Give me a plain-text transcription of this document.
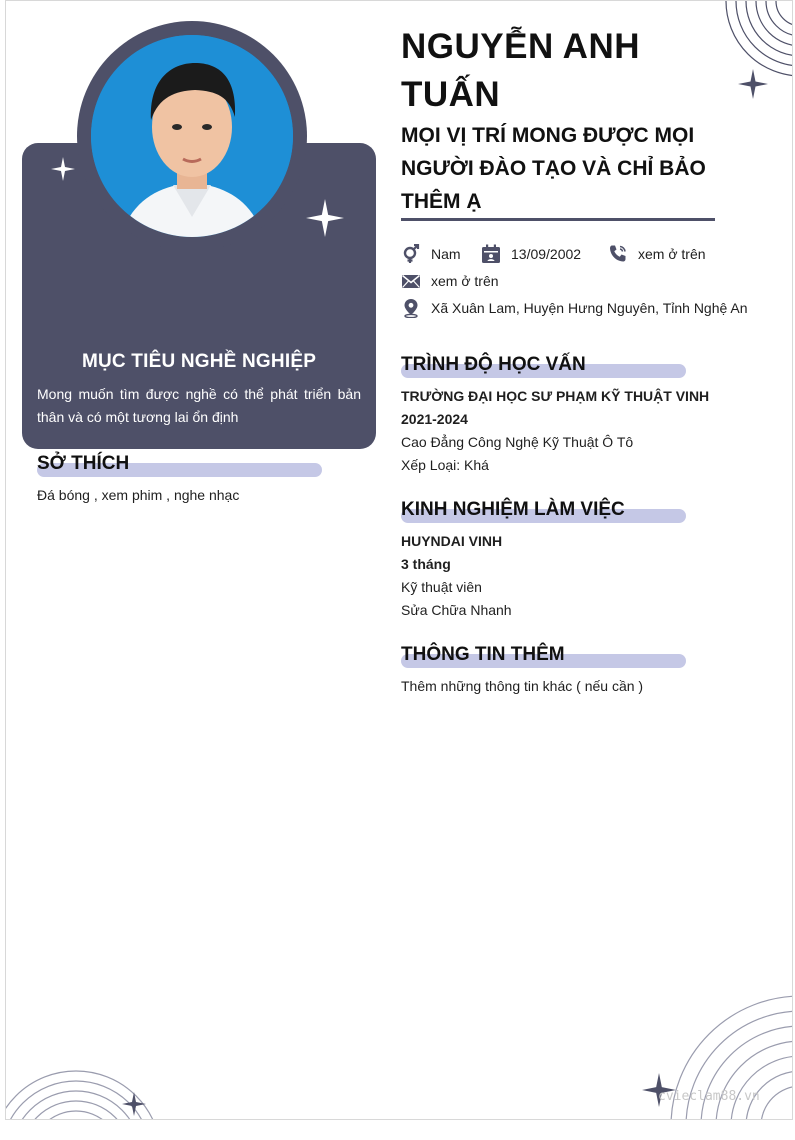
cvieclam88.vn
MỤC TIÊU NGHỀ NGHIỆP
Mong muốn tìm được nghề có thể phát triển bản thân và có một tương lai ổn định
SỞ THÍCH
Đá bóng , xem phim , nghe nhạc
NGUYỄN ANH TUẤN
MỌI VỊ TRÍ MONG ĐƯỢC MỌI NGƯỜI ĐÀO TẠO VÀ CHỈ BẢO THÊM Ạ
Nam	13/09/2002	xem ở trên
xem ở trên
Xã Xuân Lam, Huyện Hưng Nguyên, Tỉnh Nghệ An
TRÌNH ĐỘ HỌC VẤN
TRƯỜNG ĐẠI HỌC SƯ PHẠM KỸ THUẬT VINH
2021-2024
Cao Đẳng Công Nghệ Kỹ Thuật Ô Tô
Xếp Loại: Khá
KINH NGHIỆM LÀM VIỆC
HUYNDAI VINH
3 tháng
Kỹ thuật viên
Sửa Chữa Nhanh
THÔNG TIN THÊM
Thêm những thông tin khác ( nếu cần )
